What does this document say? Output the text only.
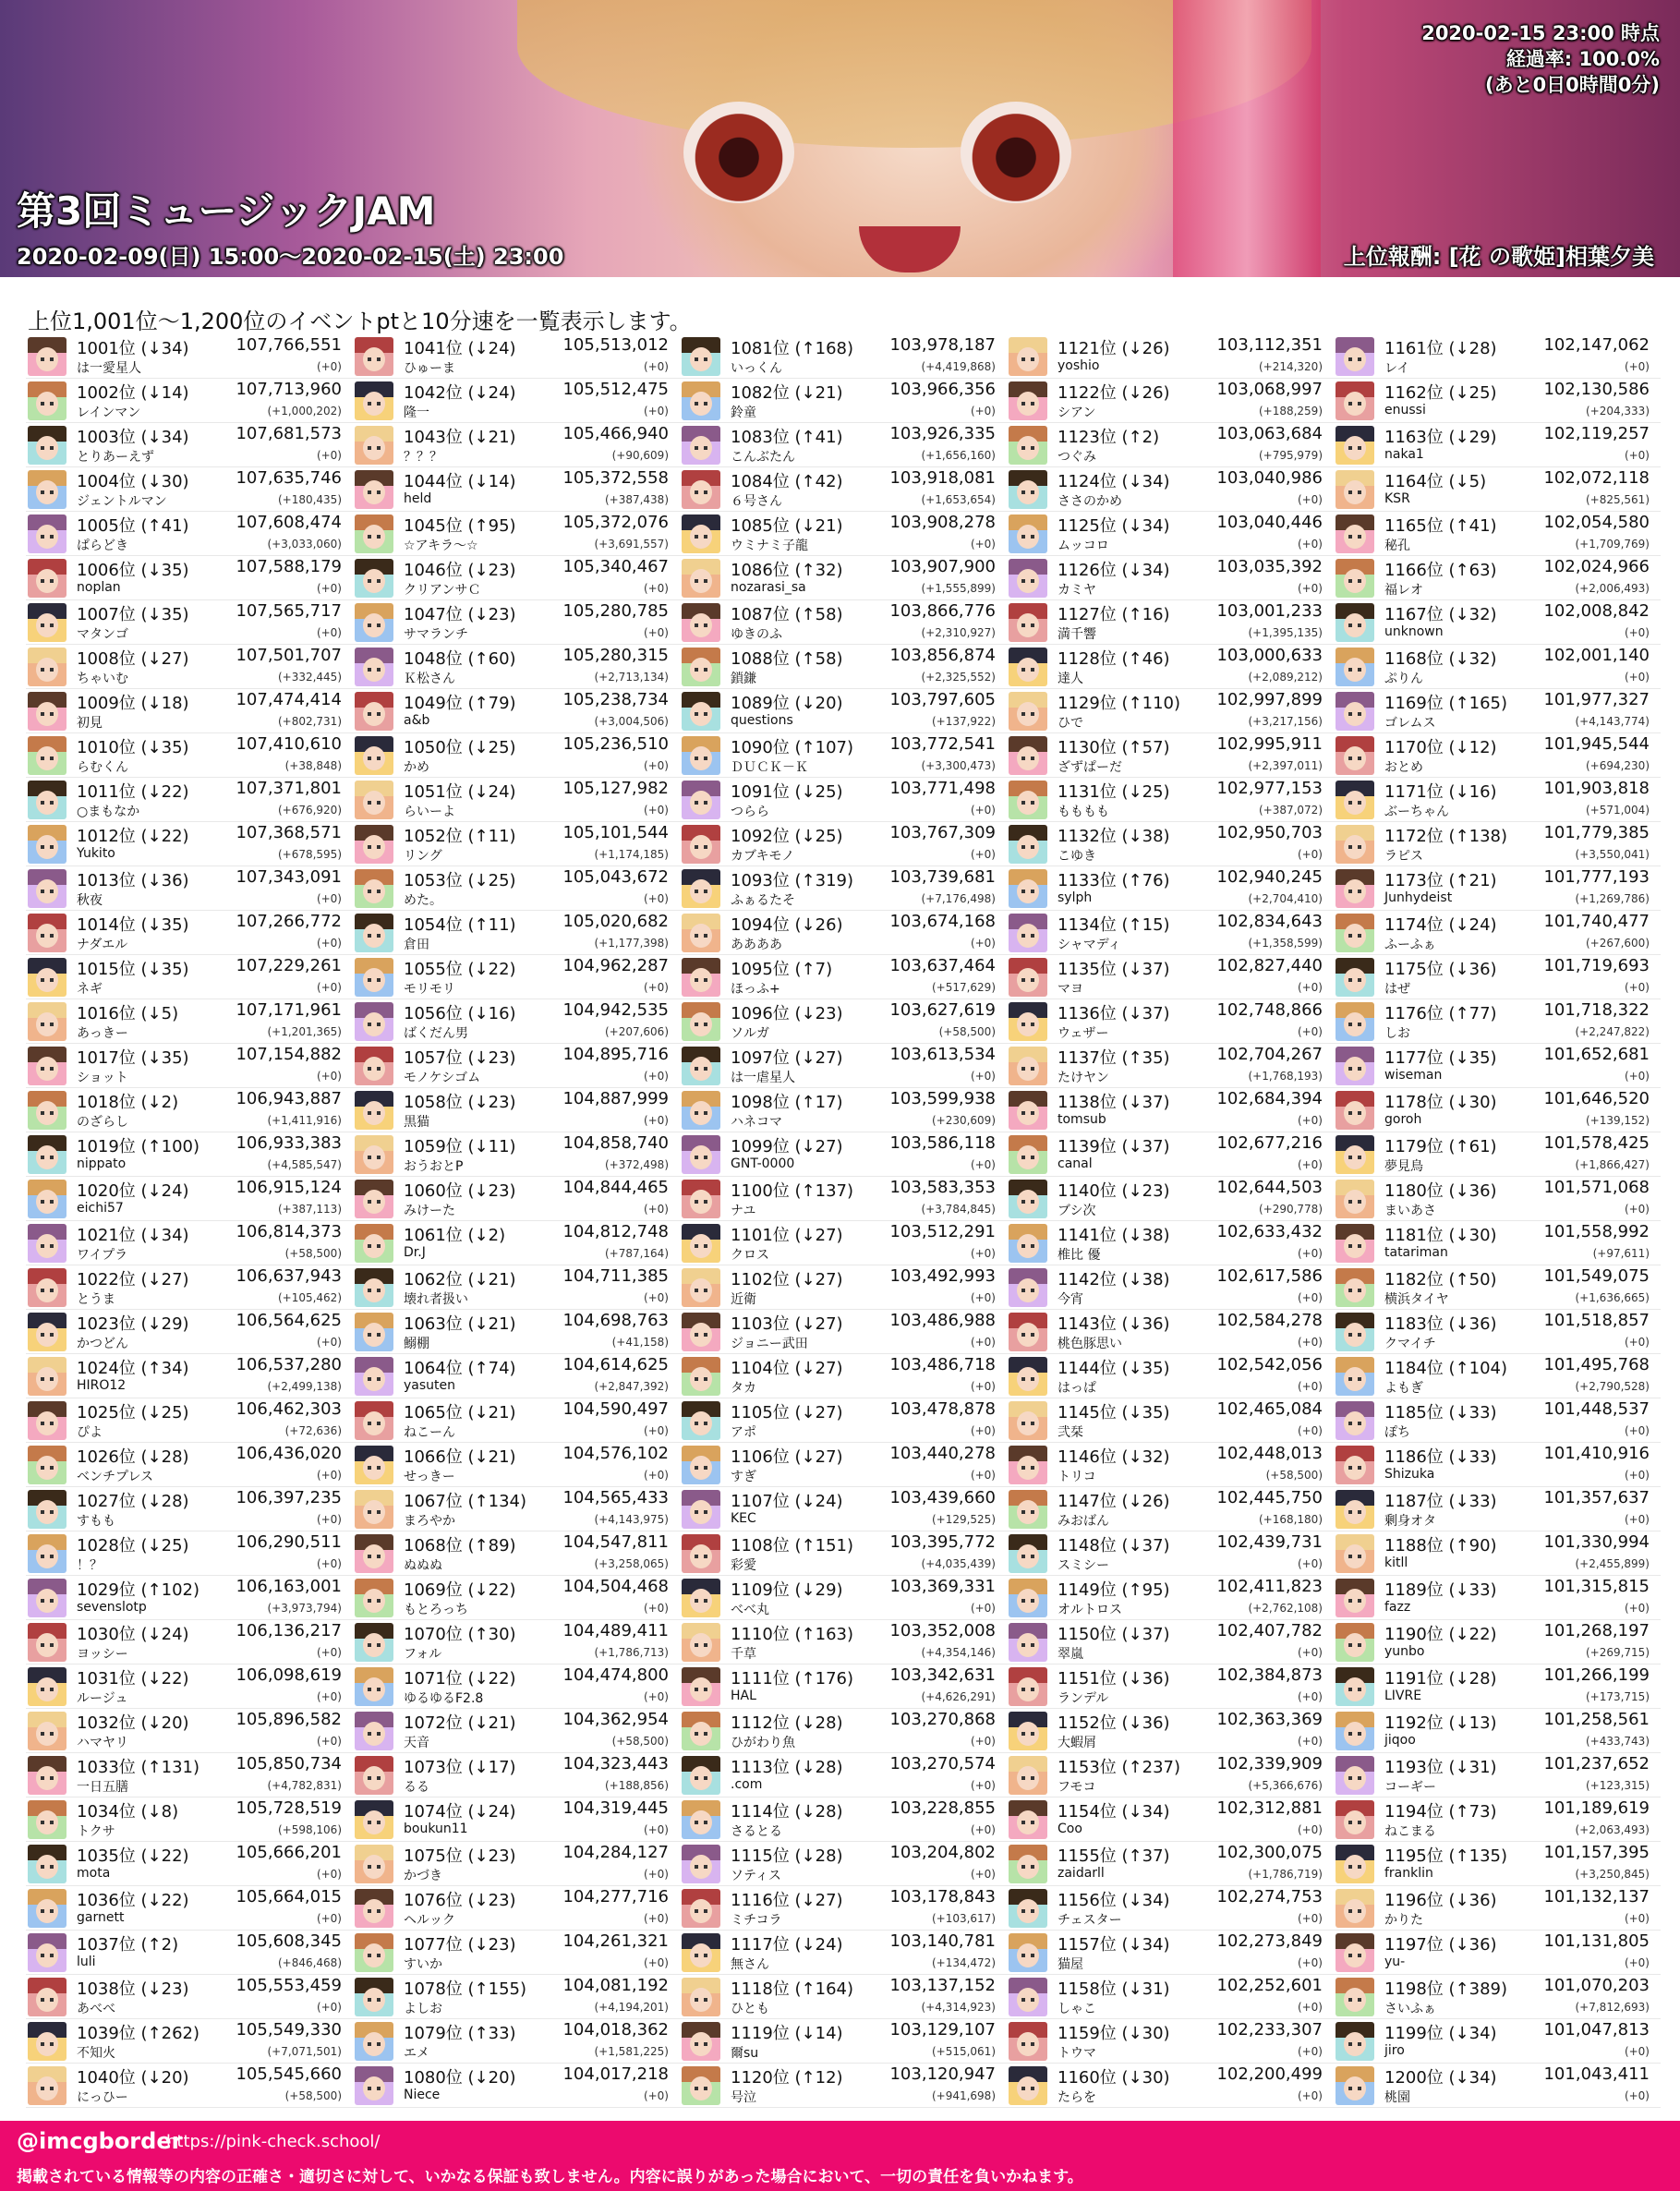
第3回ミュージックJAM
2020-02-09(日) 15:00～2020-02-15(土) 23:00	上位報酬: [花 の歌姫]相葉夕美
2020-02-15 23:00 時点
経過率: 100.0%
(あと0日0時間0分)
上位1,001位～1,200位のイベントptと10分速を一覧表示します。
1001位 (↓34)	107,766,551
は一愛星人	(+0)
1002位 (↓14)	107,713,960
レインマン	(+1,000,202)
1003位 (↓34)	107,681,573
とりあーえず	(+0)
1004位 (↓30)	107,635,746
ジェントルマン	(+180,435)
1005位 (↑41)	107,608,474
ぱらどき	(+3,033,060)
1006位 (↓35)	107,588,179
noplan	(+0)
1007位 (↓35)	107,565,717
マタンゴ	(+0)
1008位 (↓27)	107,501,707
ちゃいむ	(+332,445)
1009位 (↓18)	107,474,414
初見	(+802,731)
1010位 (↓35)	107,410,610
らむくん	(+38,848)
1011位 (↓22)	107,371,801
○まもなか	(+676,920)
1012位 (↓22)	107,368,571
Yukito	(+678,595)
1013位 (↓36)	107,343,091
秋夜	(+0)
1014位 (↓35)	107,266,772
ナダエル	(+0)
1015位 (↓35)	107,229,261
ネギ	(+0)
1016位 (↓5)	107,171,961
あっきー	(+1,201,365)
1017位 (↓35)	107,154,882
ショット	(+0)
1018位 (↓2)	106,943,887
のざらし	(+1,411,916)
1019位 (↑100) 106,933,383
nippato	(+4,585,547)
1020位 (↓24)	106,915,124
eichi57	(+387,113)
1021位 (↓34)	106,814,373
ワイプラ	(+58,500)
1022位 (↓27)	106,637,943
とうま	(+105,462)
1023位 (↓29)	106,564,625
かつどん	(+0)
1024位 (↑34)	106,537,280
HIRO12	(+2,499,138)
1025位 (↓25)	106,462,303
ぴよ	(+72,636)
1026位 (↓28)	106,436,020
ベンチプレス	(+0)
1027位 (↓28)	106,397,235
すもも	(+0)
1028位 (↓25)	106,290,511
！？	(+0)
1029位 (↑102) 106,163,001
sevenslotp	(+3,973,794)
1030位 (↓24)	106,136,217
ヨッシー	(+0)
1031位 (↓22)	106,098,619
ルージュ	(+0)
1032位 (↓20)	105,896,582
ハマヤリ	(+0)
1033位 (↑131) 105,850,734
一日五膳	(+4,782,831)
1034位 (↓8)	105,728,519
トクサ	(+598,106)
1035位 (↓22)	105,666,201
mota	(+0)
1036位 (↓22)	105,664,015
garnett	(+0)
1037位 (↑2)	105,608,345
luli	(+846,468)
1038位 (↓23)	105,553,459
あべべ	(+0)
1039位 (↑262) 105,549,330
不知火	(+7,071,501)
1040位 (↓20)	105,545,660
にっひー	(+58,500)
1041位 (↓24)	105,513,012
ひゅーま	(+0)
1042位 (↓24)	105,512,475
隆一	(+0)
1043位 (↓21)	105,466,940
？？？	(+90,609)
1044位 (↓14)	105,372,558
held	(+387,438)
1045位 (↑95)	105,372,076
☆アキラ～☆	(+3,691,557)
1046位 (↓23)	105,340,467
クリアンサＣ	(+0)
1047位 (↓23)	105,280,785
サマランチ	(+0)
1048位 (↑60)	105,280,315
Ｋ松さん	(+2,713,134)
1049位 (↑79)	105,238,734
a&b	(+3,004,506)
1050位 (↓25)	105,236,510
かめ	(+0)
1051位 (↓24)	105,127,982
らいーよ	(+0)
1052位 (↑11)	105,101,544
リング	(+1,174,185)
1053位 (↓25)	105,043,672
めた。	(+0)
1054位 (↑11)	105,020,682
倉田	(+1,177,398)
1055位 (↓22)	104,962,287
モリモリ	(+0)
1056位 (↓16)	104,942,535
ばくだん男	(+207,606)
1057位 (↓23)	104,895,716
モノケシゴム	(+0)
1058位 (↓23)	104,887,999
黒猫	(+0)
1059位 (↓11)	104,858,740
おうおとP	(+372,498)
1060位 (↓23)	104,844,465
みけーた	(+0)
1061位 (↓2)	104,812,748
Dr.J	(+787,164)
1062位 (↓21)	104,711,385
壊れ者扱い	(+0)
1063位 (↓21)	104,698,763
鰯棚	(+41,158)
1064位 (↑74)	104,614,625
yasuten	(+2,847,392)
1065位 (↓21)	104,590,497
ねこーん	(+0)
1066位 (↓21)	104,576,102
せっきー	(+0)
1067位 (↑134) 104,565,433
まろやか	(+4,143,975)
1068位 (↑89)	104,547,811
ぬぬぬ	(+3,258,065)
1069位 (↓22)	104,504,468
もとろっち	(+0)
1070位 (↑30)	104,489,411
フォル	(+1,786,713)
1071位 (↓22)	104,474,800
ゆるゆるF2.8	(+0)
1072位 (↓21)	104,362,954
天音	(+58,500)
1073位 (↓17)	104,323,443
るる	(+188,856)
1074位 (↓24)	104,319,445
boukun11	(+0)
1075位 (↓23)	104,284,127
かづき	(+0)
1076位 (↓23)	104,277,716
ヘルック	(+0)
1077位 (↓23)	104,261,321
すいか	(+0)
1078位 (↑155) 104,081,192
よしお	(+4,194,201)
1079位 (↑33)	104,018,362
エメ	(+1,581,225)
1080位 (↓20)	104,017,218
Niece	(+0)
1081位 (↑168) 103,978,187
いっくん	(+4,419,868)
1082位 (↓21)	103,966,356
鈴童	(+0)
1083位 (↑41)	103,926,335
こんぶたん	(+1,656,160)
1084位 (↑42)	103,918,081
６号さん	(+1,653,654)
1085位 (↓21)	103,908,278
ウミナミ子龍	(+0)
1086位 (↑32)	103,907,900
nozarasi_sa	(+1,555,899)
1087位 (↑58)	103,866,776
ゆきのふ	(+2,310,927)
1088位 (↑58)	103,856,874
鎖鎌	(+2,325,552)
1089位 (↓20)	103,797,605
questions	(+137,922)
1090位 (↑107) 103,772,541
ＤＵＣＫ－Ｋ	(+3,300,473)
1091位 (↓25)	103,771,498
つらら	(+0)
1092位 (↓25)	103,767,309
カブキモノ	(+0)
1093位 (↑319) 103,739,681
ふぁるたそ	(+7,176,498)
1094位 (↓26)	103,674,168
ああああ	(+0)
1095位 (↑7)	103,637,464
ほっふ+	(+517,629)
1096位 (↓23)	103,627,619
ソルガ	(+58,500)
1097位 (↓27)	103,613,534
は一虐星人	(+0)
1098位 (↑17)	103,599,938
ハネコマ	(+230,609)
1099位 (↓27)	103,586,118
GNT-0000	(+0)
1100位 (↑137) 103,583,353
ナユ	(+3,784,845)
1101位 (↓27)	103,512,291
クロス	(+0)
1102位 (↓27)	103,492,993
近衛	(+0)
1103位 (↓27)	103,486,988
ジョニー武田	(+0)
1104位 (↓27)	103,486,718
タカ	(+0)
1105位 (↓27)	103,478,878
アポ	(+0)
1106位 (↓27)	103,440,278
すぎ	(+0)
1107位 (↓24)	103,439,660
KEC	(+129,525)
1108位 (↑151) 103,395,772
彩愛	(+4,035,439)
1109位 (↓29)	103,369,331
べべ丸	(+0)
1110位 (↑163) 103,352,008
千草	(+4,354,146)
1111位 (↑176) 103,342,631
HAL	(+4,626,291)
1112位 (↓28)	103,270,868
ひがわり魚	(+0)
1113位 (↓28)	103,270,574
.com	(+0)
1114位 (↓28)	103,228,855
さるとる	(+0)
1115位 (↓28)	103,204,802
ソティス	(+0)
1116位 (↓27)	103,178,843
ミチコラ	(+103,617)
1117位 (↓24)	103,140,781
無さん	(+134,472)
1118位 (↑164) 103,137,152
ひとも	(+4,314,923)
1119位 (↓14)	103,129,107
爾su	(+515,061)
1120位 (↑12)	103,120,947
号泣	(+941,698)
1121位 (↓26)	103,112,351
yoshio	(+214,320)
1122位 (↓26)	103,068,997
シアン	(+188,259)
1123位 (↑2)	103,063,684
つぐみ	(+795,979)
1124位 (↓34)	103,040,986
ささのかめ	(+0)
1125位 (↓34)	103,040,446
ムッコロ	(+0)
1126位 (↓34)	103,035,392
カミヤ	(+0)
1127位 (↑16)	103,001,233
満千響	(+1,395,135)
1128位 (↑46)	103,000,633
達人	(+2,089,212)
1129位 (↑110) 102,997,899
ひで	(+3,217,156)
1130位 (↑57)	102,995,911
ざずぱーだ	(+2,397,011)
1131位 (↓25)	102,977,153
もももも	(+387,072)
1132位 (↓38)	102,950,703
こゆき	(+0)
1133位 (↑76)	102,940,245
sylph	(+2,704,410)
1134位 (↑15)	102,834,643
シャマディ	(+1,358,599)
1135位 (↓37)	102,827,440
マヨ	(+0)
1136位 (↓37)	102,748,866
ウェザー	(+0)
1137位 (↑35)	102,704,267
たけヤン	(+1,768,193)
1138位 (↓37)	102,684,394
tomsub	(+0)
1139位 (↓37)	102,677,216
canal	(+0)
1140位 (↓23)	102,644,503
ブシ次	(+290,778)
1141位 (↓38)	102,633,432
椎比 優	(+0)
1142位 (↓38)	102,617,586
今宵	(+0)
1143位 (↓36)	102,584,278
桃色豚思い	(+0)
1144位 (↓35)	102,542,056
はっぱ	(+0)
1145位 (↓35)	102,465,084
弐栞	(+0)
1146位 (↓32)	102,448,013
トリコ	(+58,500)
1147位 (↓26)	102,445,750
みおばん	(+168,180)
1148位 (↓37)	102,439,731
スミシー	(+0)
1149位 (↑95)	102,411,823
オルトロス	(+2,762,108)
1150位 (↓37)	102,407,782
翠嵐	(+0)
1151位 (↓36)	102,384,873
ランデル	(+0)
1152位 (↓36)	102,363,369
大蝦屑	(+0)
1153位 (↑237) 102,339,909
フモコ	(+5,366,676)
1154位 (↓34)	102,312,881
Coo	(+0)
1155位 (↑37)	102,300,075
zaidarll	(+1,786,719)
1156位 (↓34)	102,274,753
チェスター	(+0)
1157位 (↓34)	102,273,849
猫屋	(+0)
1158位 (↓31)	102,252,601
しゃこ	(+0)
1159位 (↓30)	102,233,307
トウマ	(+0)
1160位 (↓30)	102,200,499
たらを	(+0)
1161位 (↓28)	102,147,062
レイ	(+0)
1162位 (↓25)	102,130,586
enussi	(+204,333)
1163位 (↓29)	102,119,257
naka1	(+0)
1164位 (↓5)	102,072,118
KSR	(+825,561)
1165位 (↑41)	102,054,580
秘孔	(+1,709,769)
1166位 (↑63)	102,024,966
福レオ	(+2,006,493)
1167位 (↓32)	102,008,842
unknown	(+0)
1168位 (↓32)	102,001,140
ぷりん	(+0)
1169位 (↑165) 101,977,327
ゴレムス	(+4,143,774)
1170位 (↓12)	101,945,544
おとめ	(+694,230)
1171位 (↓16)	101,903,818
ぶーちゃん	(+571,004)
1172位 (↑138) 101,779,385
ラピス	(+3,550,041)
1173位 (↑21)	101,777,193
Junhydeist	(+1,269,786)
1174位 (↓24)	101,740,477
ふーふぁ	(+267,600)
1175位 (↓36)	101,719,693
はぜ	(+0)
1176位 (↑77)	101,718,322
しお	(+2,247,822)
1177位 (↓35)	101,652,681
wiseman	(+0)
1178位 (↓30)	101,646,520
goroh	(+139,152)
1179位 (↑61)	101,578,425
夢見鳥	(+1,866,427)
1180位 (↓36)	101,571,068
まいあさ	(+0)
1181位 (↓30)	101,558,992
tatariman	(+97,611)
1182位 (↑50)	101,549,075
横浜タイヤ	(+1,636,665)
1183位 (↓36)	101,518,857
クマイチ	(+0)
1184位 (↑104) 101,495,768
よもぎ	(+2,790,528)
1185位 (↓33)	101,448,537
ぽち	(+0)
1186位 (↓33)	101,410,916
Shizuka	(+0)
1187位 (↓33)	101,357,637
剰身オタ	(+0)
1188位 (↑90)	101,330,994
kitll	(+2,455,899)
1189位 (↓33)	101,315,815
fazz	(+0)
1190位 (↓22)	101,268,197
yunbo	(+269,715)
1191位 (↓28)	101,266,199
LIVRE	(+173,715)
1192位 (↓13)	101,258,561
jiqoo	(+433,743)
1193位 (↓31)	101,237,652
コーギー	(+123,315)
1194位 (↑73)	101,189,619
ねこまる	(+2,063,493)
1195位 (↑135) 101,157,395
franklin	(+3,250,845)
1196位 (↓36)	101,132,137
かりた	(+0)
1197位 (↓36)	101,131,805
yu-	(+0)
1198位 (↑389) 101,070,203
さいふぁ	(+7,812,693)
1199位 (↓34)	101,047,813
jiro	(+0)
1200位 (↓34)	101,043,411
桃園	(+0)
@imcgborder
https://pink-check.school/
掲載されている情報等の内容の正確さ・適切さに対して、いかなる保証も致しません。内容に誤りがあった場合において、一切の責任を負いかねます。
